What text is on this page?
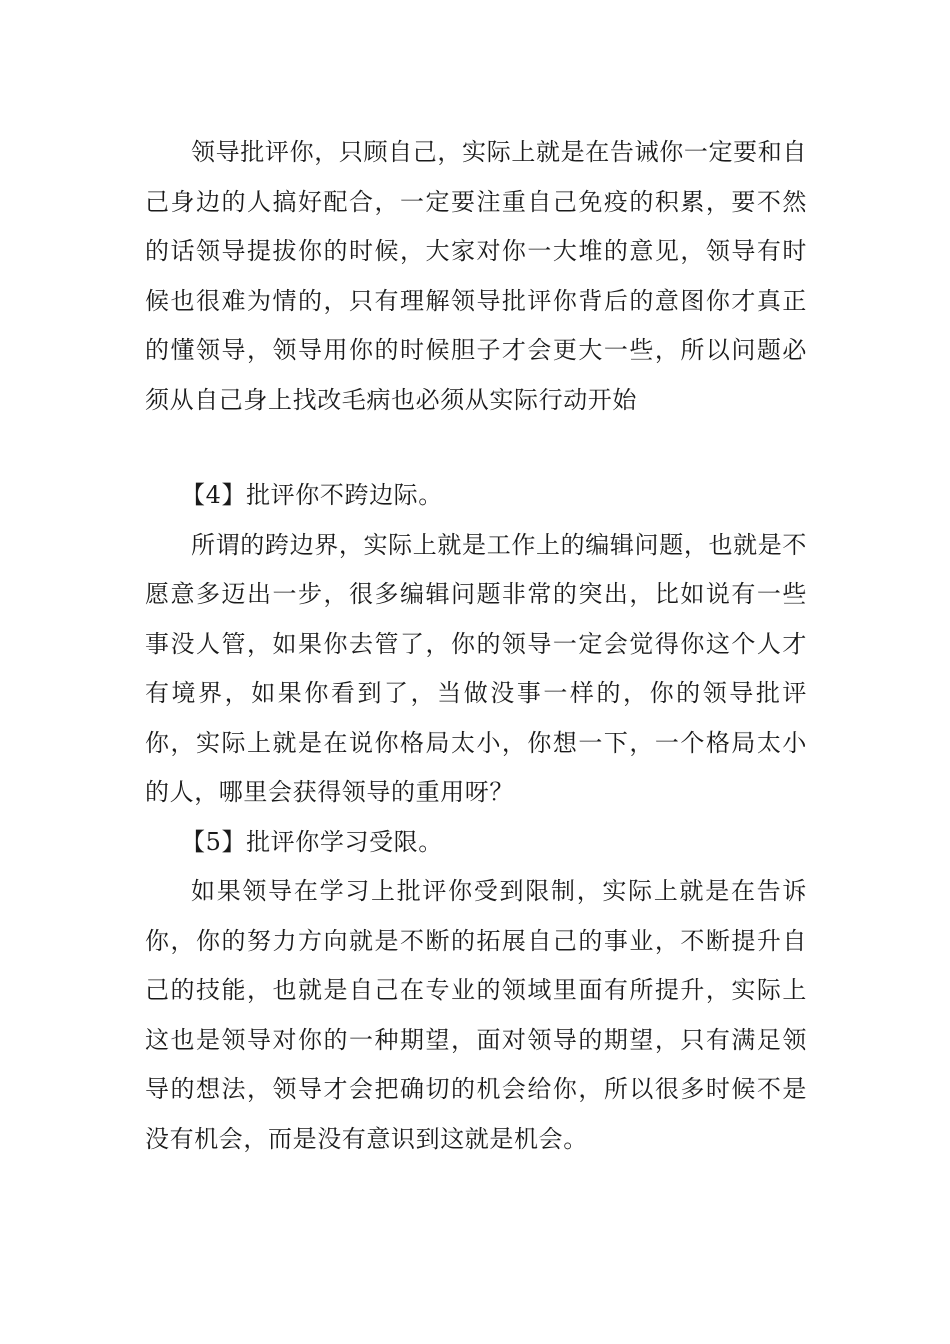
领导批评你，只顾自己，实际上就是在告诫你一定要和自己身边的人搞好配合，一定要注重自己免疫的积累，要不然的话领导提拔你的时候，大家对你一大堆的意见，领导有时候也很难为情的，只有理解领导批评你背后的意图你才真正的懂领导，领导用你的时候胆子才会更大一些，所以问题必须从自己身上找改毛病也必须从实际行动开始

【4】批评你不跨边际。

所谓的跨边界，实际上就是工作上的编辑问题，也就是不愿意多迈出一步，很多编辑问题非常的突出，比如说有一些事没人管，如果你去管了，你的领导一定会觉得你这个人才有境界，如果你看到了，当做没事一样的，你的领导批评你，实际上就是在说你格局太小，你想一下，一个格局太小的人，哪里会获得领导的重用呀？

【5】批评你学习受限。

如果领导在学习上批评你受到限制，实际上就是在告诉你，你的努力方向就是不断的拓展自己的事业，不断提升自己的技能，也就是自己在专业的领域里面有所提升，实际上这也是领导对你的一种期望，面对领导的期望，只有满足领导的想法，领导才会把确切的机会给你，所以很多时候不是没有机会，而是没有意识到这就是机会。
